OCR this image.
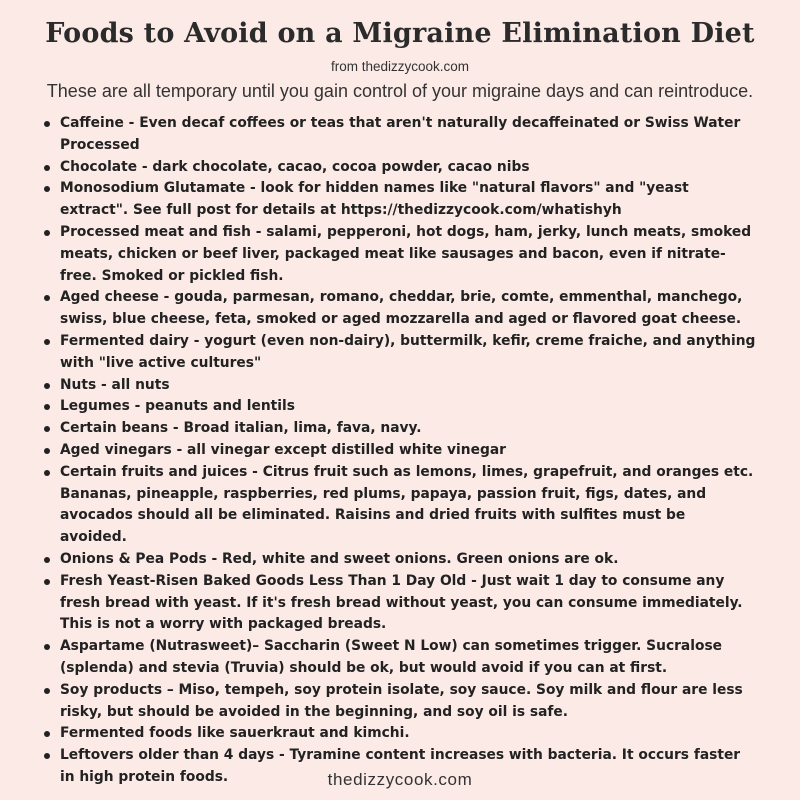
Foods to Avoid on a Migraine Elimination Diet

from thedizzycook.com

These are all temporary until you gain control of your migraine days and can reintroduce.

Caffeine - Even decaf coffees or teas that aren't naturally decaffeinated or Swiss Water Processed
Chocolate - dark chocolate, cacao, cocoa powder, cacao nibs
Monosodium Glutamate - look for hidden names like "natural flavors" and "yeast extract". See full post for details at https://thedizzycook.com/whatishyh
Processed meat and fish - salami, pepperoni, hot dogs, ham, jerky, lunch meats, smoked meats, chicken or beef liver, packaged meat like sausages and bacon, even if nitrate-free. Smoked or pickled fish.
Aged cheese - gouda, parmesan, romano, cheddar, brie, comte, emmenthal, manchego, swiss, blue cheese, feta, smoked or aged mozzarella and aged or flavored goat cheese.
Fermented dairy - yogurt (even non-dairy), buttermilk, kefir, creme fraiche, and anything with "live active cultures"
Nuts - all nuts
Legumes - peanuts and lentils
Certain beans - Broad italian, lima, fava, navy.
Aged vinegars - all vinegar except distilled white vinegar
Certain fruits and juices - Citrus fruit such as lemons, limes, grapefruit, and oranges etc. Bananas, pineapple, raspberries, red plums, papaya, passion fruit, figs, dates, and avocados should all be eliminated. Raisins and dried fruits with sulfites must be avoided.
Onions & Pea Pods - Red, white and sweet onions. Green onions are ok.
Fresh Yeast-Risen Baked Goods Less Than 1 Day Old - Just wait 1 day to consume any fresh bread with yeast. If it's fresh bread without yeast, you can consume immediately. This is not a worry with packaged breads.
Aspartame (Nutrasweet)– Saccharin (Sweet N Low) can sometimes trigger. Sucralose (splenda) and stevia (Truvia) should be ok, but would avoid if you can at first.
Soy products – Miso, tempeh, soy protein isolate, soy sauce. Soy milk and flour are less risky, but should be avoided in the beginning, and soy oil is safe.
Fermented foods like sauerkraut and kimchi.
Leftovers older than 4 days - Tyramine content increases with bacteria. It occurs faster in high protein foods.	thedizzycook.com
